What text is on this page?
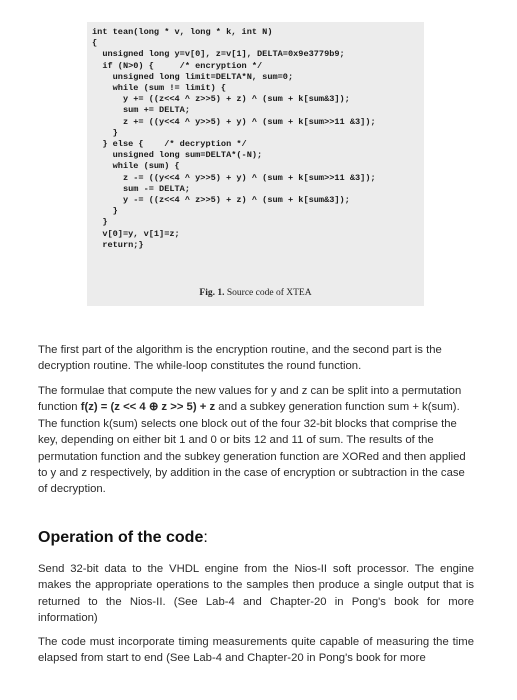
int tean(long * v, long * k, int N)
{
unsigned long y=v[0], z=v[1], DELTA=0x9e3779b9;
if (N>0) {     /* encryption */
unsigned long limit=DELTA*N, sum=0;
while (sum != limit) {
y += ((z<<4 ^ z>>5) + z) ^ (sum + k[sum&3]);
sum += DELTA;
z += ((y<<4 ^ y>>5) + y) ^ (sum + k[sum>>11 &3]);
}
} else {    /* decryption */
unsigned long sum=DELTA*(-N);
while (sum) {
z -= ((y<<4 ^ y>>5) + y) ^ (sum + k[sum>>11 &3]);
sum -= DELTA;
y -= ((z<<4 ^ z>>5) + z) ^ (sum + k[sum&3]);
}
}
v[0]=y, v[1]=z;
return;}
Fig. 1. Source code of XTEA

The first part of the algorithm is the encryption routine, and the second part is the decryption routine. The while-loop constitutes the round function.

The formulae that compute the new values for y and z can be split into a permutation function f(z) = (z << 4 ⊕ z >> 5) + z and a subkey generation function sum + k(sum). The function k(sum) selects one block out of the four 32-bit blocks that comprise the key, depending on either bit 1 and 0 or bits 12 and 11 of sum. The results of the permutation function and the subkey generation function are XORed and then applied to y and z respectively, by addition in the case of encryption or subtraction in the case of decryption.

Operation of the code:

Send 32-bit data to the VHDL engine from the Nios-II soft processor. The engine makes the appropriate operations to the samples then produce a single output that is returned to the Nios-II. (See Lab-4 and Chapter-20 in Pong's book for more information)

The code must incorporate timing measurements quite capable of measuring the time elapsed from start to end (See Lab-4 and Chapter-20 in Pong's book for more
